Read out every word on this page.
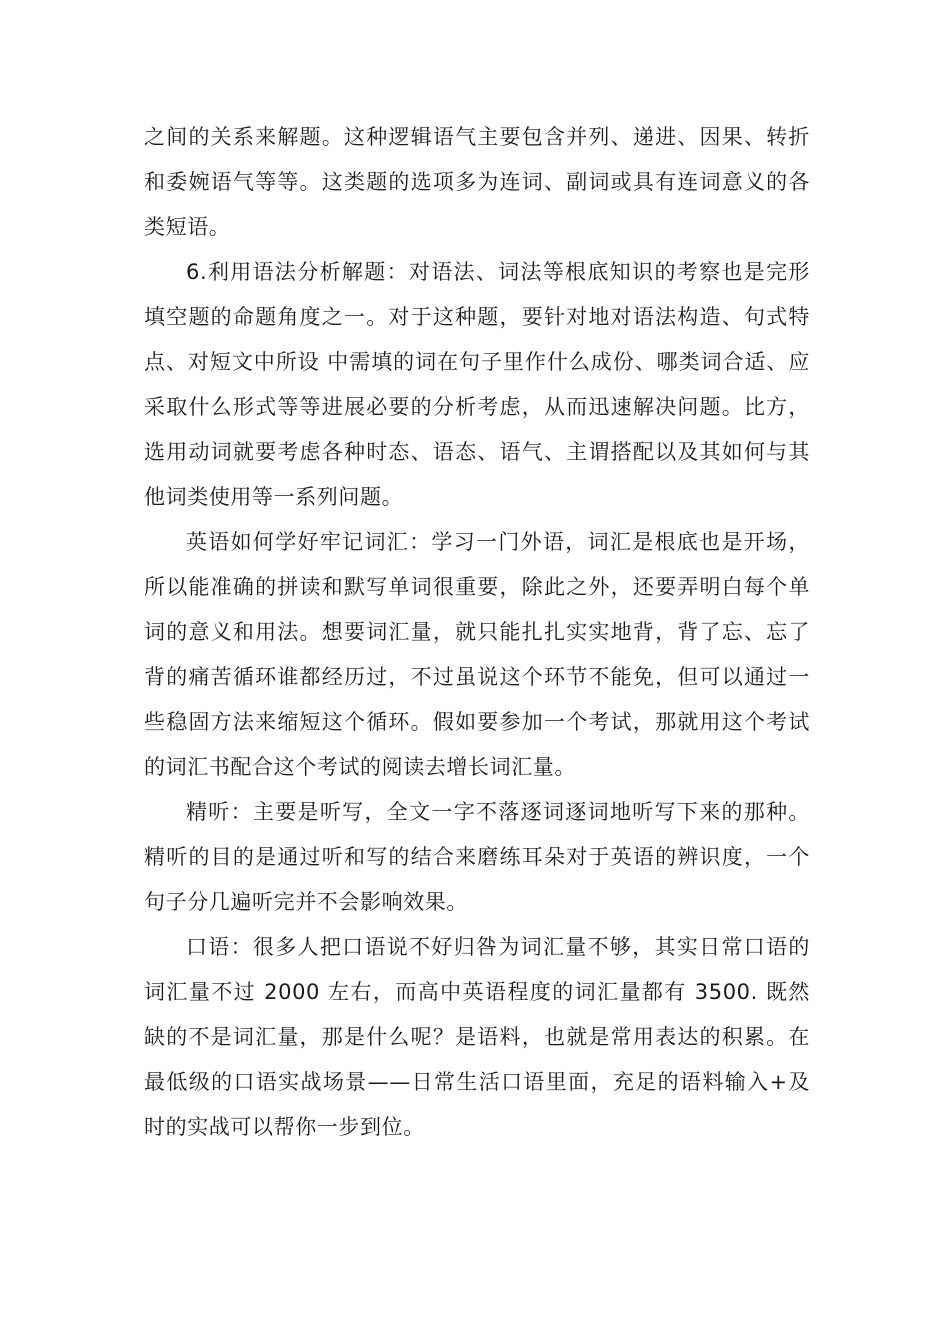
之间的关系来解题。这种逻辑语气主要包含并列、递进、因果、转折和委婉语气等等。这类题的选项多为连词、副词或具有连词意义的各类短语。

6.利用语法分析解题：对语法、词法等根底知识的考察也是完形填空题的命题角度之一。对于这种题，要针对地对语法构造、句式特点、对短文中所设 中需填的词在句子里作什么成份、哪类词合适、应采取什么形式等等进展必要的分析考虑，从而迅速解决问题。比方，选用动词就要考虑各种时态、语态、语气、主谓搭配以及其如何与其他词类使用等一系列问题。

英语如何学好牢记词汇：学习一门外语，词汇是根底也是开场，所以能准确的拼读和默写单词很重要，除此之外，还要弄明白每个单词的意义和用法。想要词汇量，就只能扎扎实实地背，背了忘、忘了背的痛苦循环谁都经历过，不过虽说这个环节不能免，但可以通过一些稳固方法来缩短这个循环。假如要参加一个考试，那就用这个考试的词汇书配合这个考试的阅读去增长词汇量。

精听：主要是听写，全文一字不落逐词逐词地听写下来的那种。精听的目的是通过听和写的结合来磨练耳朵对于英语的辨识度，一个句子分几遍听完并不会影响效果。

口语：很多人把口语说不好归咎为词汇量不够，其实日常口语的词汇量不过 2000 左右，而高中英语程度的词汇量都有 3500. 既然缺的不是词汇量，那是什么呢？是语料，也就是常用表达的积累。在最低级的口语实战场景——日常生活口语里面，充足的语料输入+及时的实战可以帮你一步到位。
